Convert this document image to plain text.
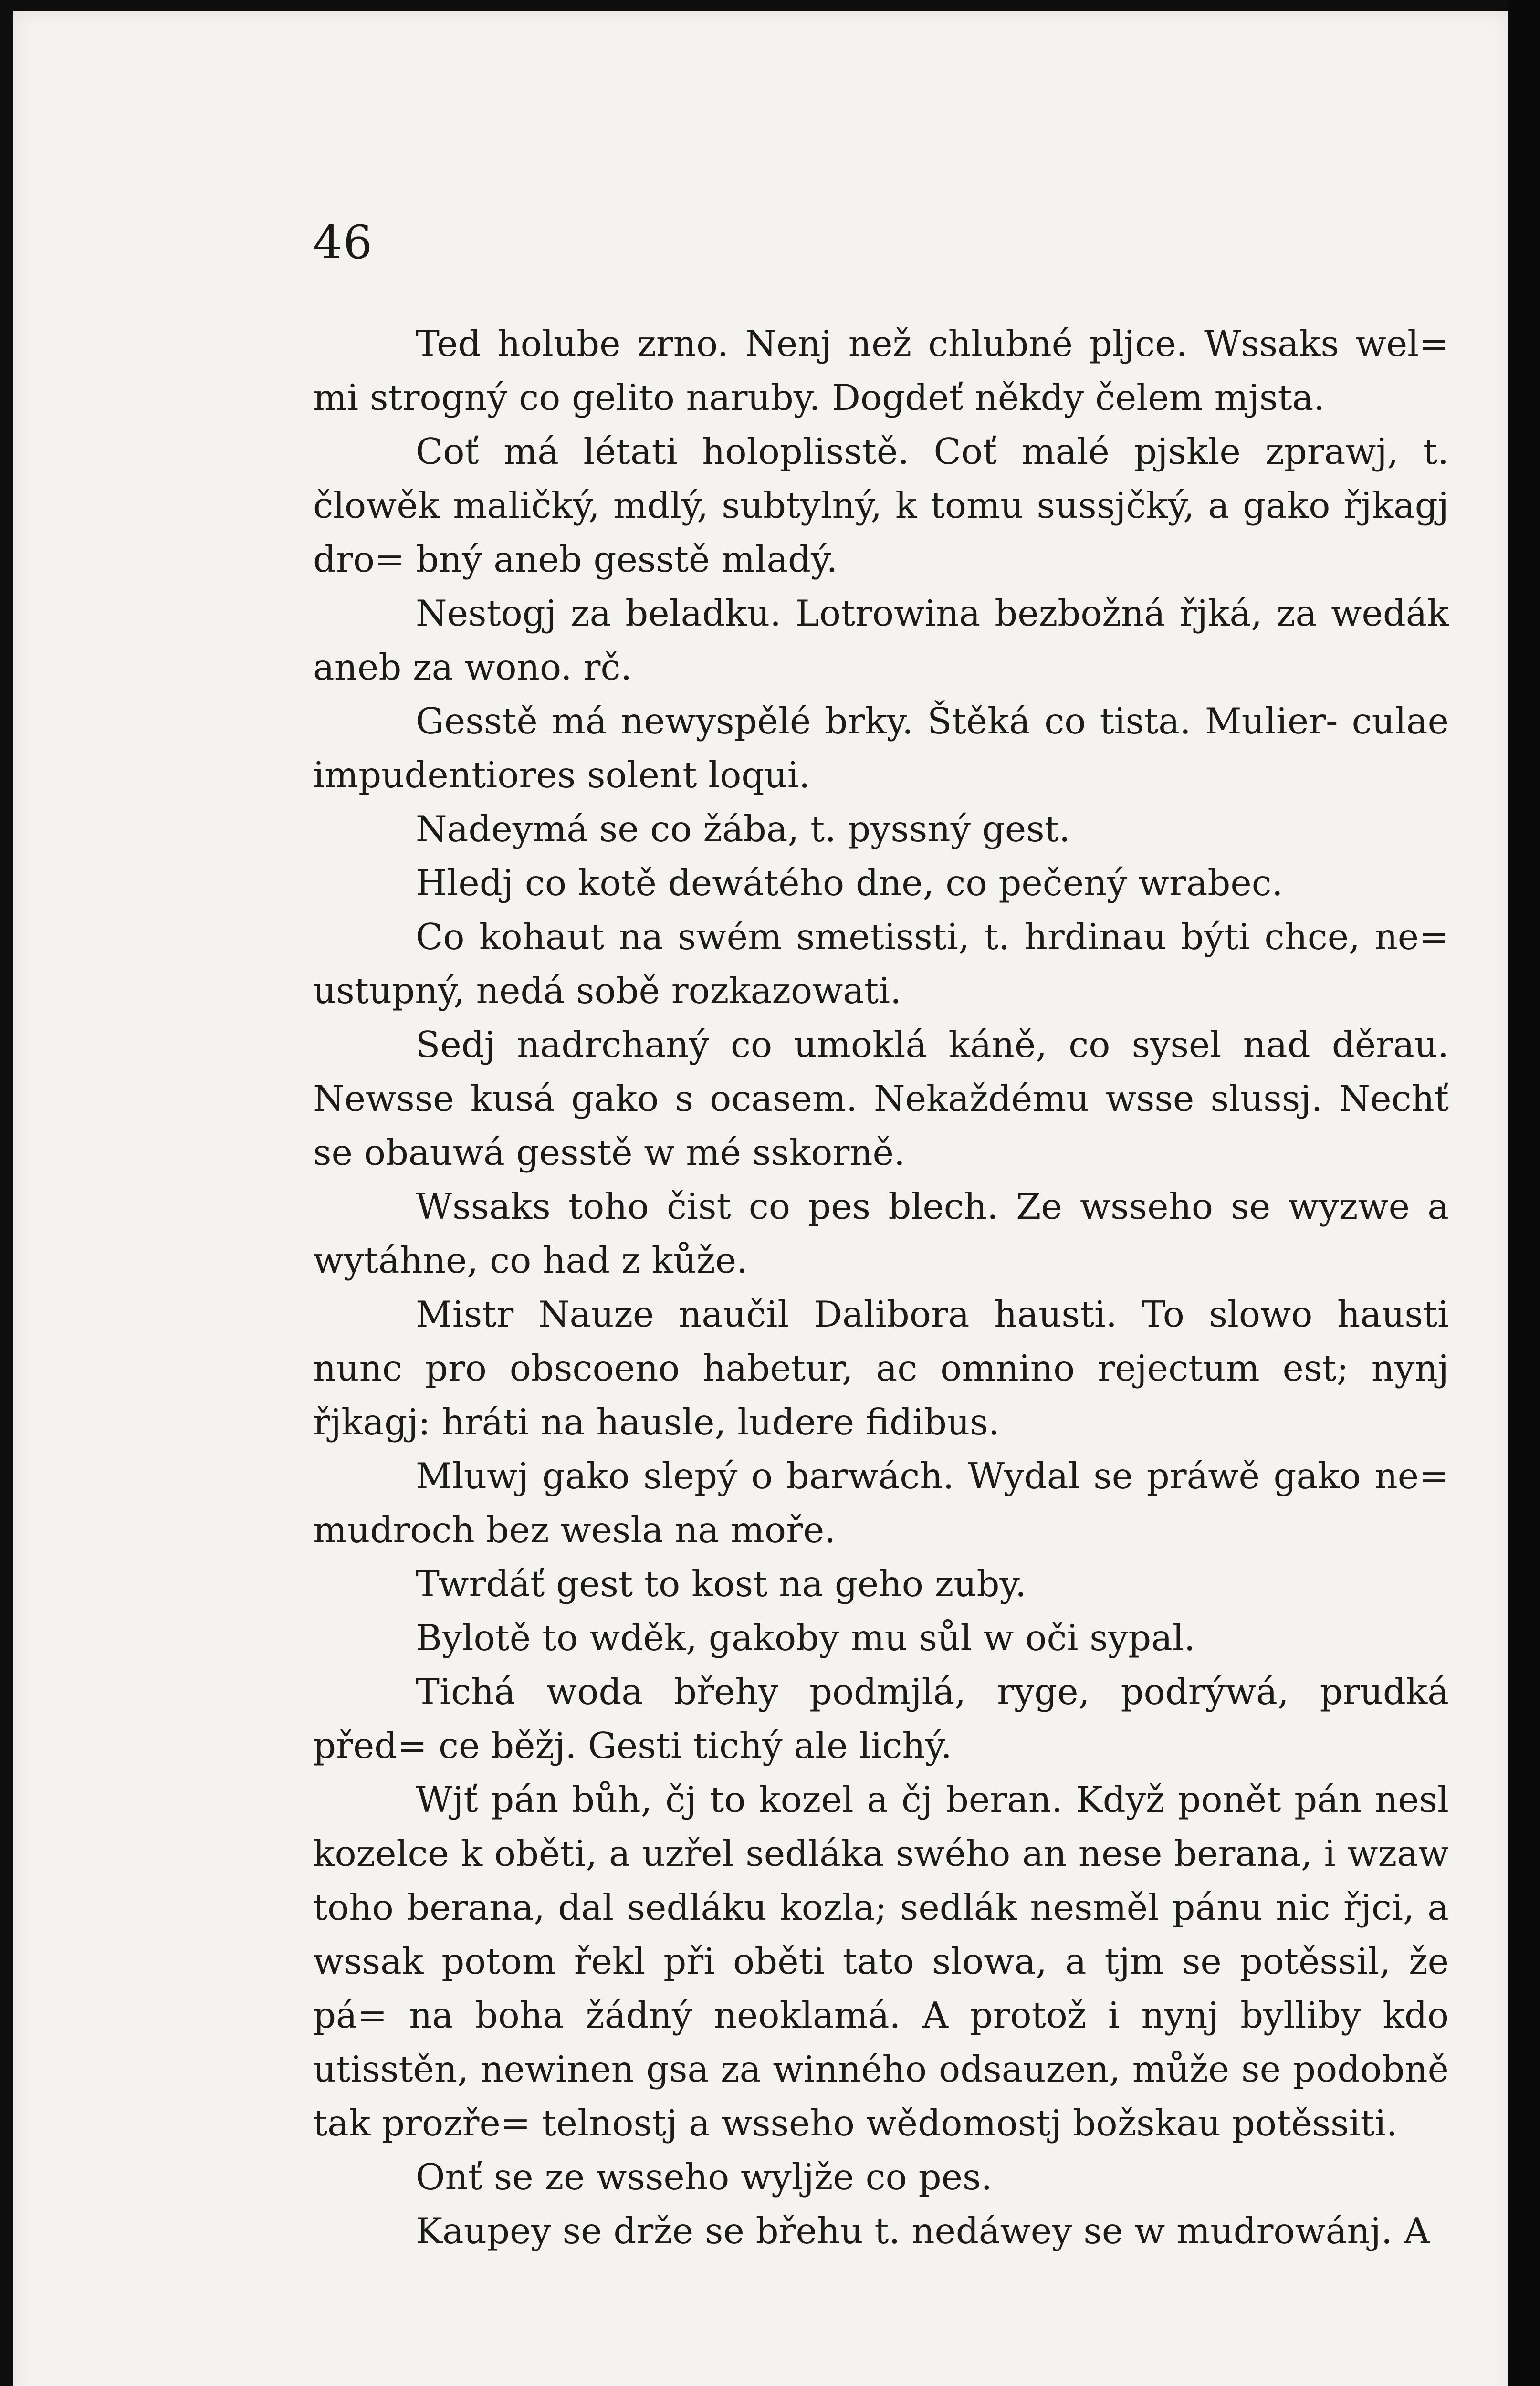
46

Ted holube zrno. Nenj než chlubné pljce. Wssaks wel= mi strogný co gelito naruby. Dogdeť někdy čelem mjsta.

Coť má létati holoplisstě. Coť malé pjskle zprawj, t. člowěk maličký, mdlý, subtylný, k tomu sussjčký, a gako řjkagj dro= bný aneb gesstě mladý.

Nestogj za beladku. Lotrowina bezbožná řjká, za wedák aneb za wono. rč.

Gesstě má newyspělé brky. Štěká co tista. Mulier- culae impudentiores solent loqui.

Nadeymá se co žába, t. pyssný gest.

Hledj co kotě dewátého dne, co pečený wrabec.

Co kohaut na swém smetissti, t. hrdinau býti chce, ne= ustupný, nedá sobě rozkazowati.

Sedj nadrchaný co umoklá káně, co sysel nad děrau. Newsse kusá gako s ocasem. Nekaždému wsse slussj. Nechť se obauwá gesstě w mé sskorně.

Wssaks toho čist co pes blech. Ze wsseho se wyzwe a wytáhne, co had z kůže.

Mistr Nauze naučil Dalibora hausti. To slowo hausti nunc pro obscoeno habetur, ac omnino rejectum est; nynj řjkagj: hráti na hausle, ludere fidibus.

Mluwj gako slepý o barwách. Wydal se práwě gako ne= mudroch bez wesla na moře.

Twrdáť gest to kost na geho zuby.

Bylotě to wděk, gakoby mu sůl w oči sypal.

Tichá woda břehy podmjlá, ryge, podrýwá, prudká před= ce běžj. Gesti tichý ale lichý.

Wjť pán bůh, čj to kozel a čj beran. Když ponět pán nesl kozelce k oběti, a uzřel sedláka swého an nese berana, i wzaw toho berana, dal sedláku kozla; sedlák nesměl pánu nic řjci, a wssak potom řekl při oběti tato slowa, a tjm se potěssil, že pá= na boha žádný neoklamá. A protož i nynj bylliby kdo utisstěn, newinen gsa za winného odsauzen, může se podobně tak prozře= telnostj a wsseho wědomostj božskau potěssiti.

Onť se ze wsseho wyljže co pes.

Kaupey se drže se břehu t. nedáwey se w mudrowánj. A
